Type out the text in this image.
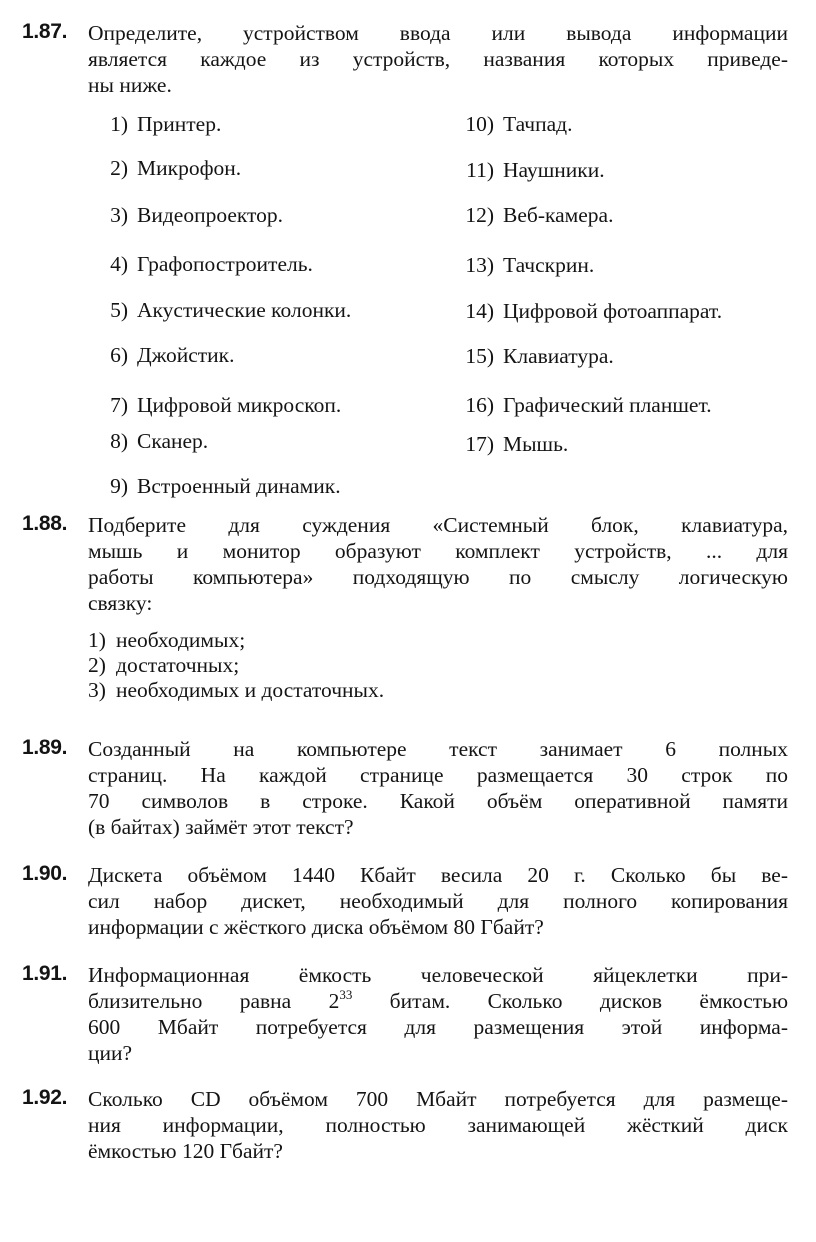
1.87. Определите, устройством ввода или вывода информации
является каждое из устройств, названия которых приведе-
ны ниже.
1) Принтер.
2) Микрофон.
3) Видеопроектор.
4) Графопостроитель.
5) Акустические колонки.
6) Джойстик.
7) Цифровой микроскоп.
8) Сканер.
9) Встроенный динамик.
10) Тачпад.
11) Наушники.
12) Веб-камера.
13) Тачскрин.
14) Цифровой фотоаппарат.
15) Клавиатура.
16) Графический планшет.
17) Мышь.
1.88. Подберите для суждения «Системный блок, клавиатура,
мышь и монитор образуют комплект устройств, ... для
работы компьютера» подходящую по смыслу логическую
связку:
1) необходимых;
2) достаточных;
3) необходимых и достаточных.
1.89. Созданный на компьютере текст занимает 6 полных
страниц. На каждой странице размещается 30 строк по
70 символов в строке. Какой объём оперативной памяти
(в байтах) займёт этот текст?
1.90. Дискета объёмом 1440 Кбайт весила 20 г. Сколько бы ве-
сил набор дискет, необходимый для полного копирования
информации с жёсткого диска объёмом 80 Гбайт?
1.91. Информационная ёмкость человеческой яйцеклетки при-
близительно равна $2^{33}$ битам. Сколько дисков ёмкостью
600 Мбайт потребуется для размещения этой информа-
ции?
1.92. Сколько CD объёмом 700 Мбайт потребуется для размеще-
ния информации, полностью занимающей жёсткий диск
ёмкостью 120 Гбайт?
